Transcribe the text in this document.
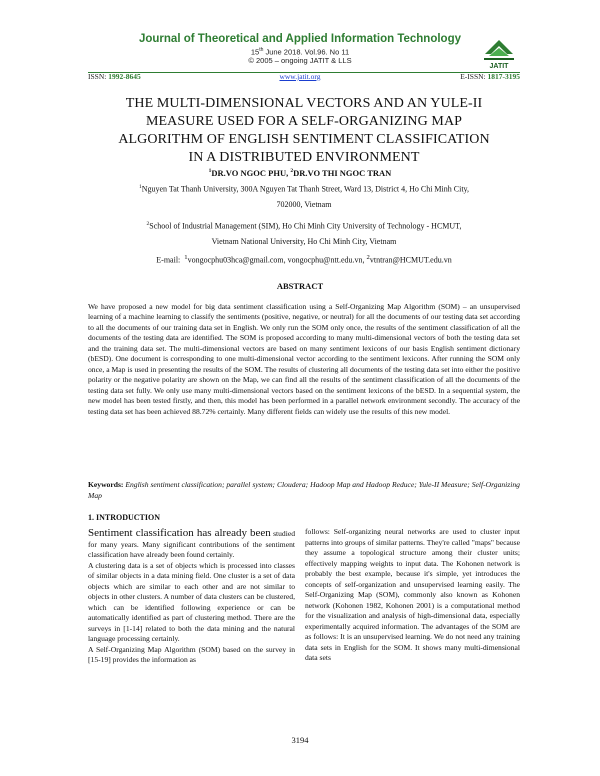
Journal of Theoretical and Applied Information Technology
15th June 2018. Vol.96. No 11
© 2005 – ongoing JATIT & LLS
JATIT
ISSN: 1992-8645	www.jatit.org	E-ISSN: 1817-3195
THE MULTI-DIMENSIONAL VECTORS AND AN YULE-II
MEASURE USED FOR A SELF-ORGANIZING MAP
ALGORITHM OF ENGLISH SENTIMENT CLASSIFICATION
IN A DISTRIBUTED ENVIRONMENT
$^1$DR.VO NGOC PHU, $^2$DR.VO THI NGOC TRAN
$^1$Nguyen Tat Thanh University, 300A Nguyen Tat Thanh Street, Ward 13, District 4, Ho Chi Minh City,
702000, Vietnam
$^2$School of Industrial Management (SIM), Ho Chi Minh City University of Technology - HCMUT,
Vietnam National University, Ho Chi Minh City, Vietnam
E-mail: $^1$vongocphu03hca@gmail.com, vongocphu@ntt.edu.vn, $^2$vtntran@HCMUT.edu.vn
ABSTRACT

We have proposed a new model for big data sentiment classification using a Self-Organizing Map Algorithm (SOM) – an unsupervised learning of a machine learning to classify the sentiments (positive, negative, or neutral) for all the documents of our testing data set according to all the documents of our training data set in English. We only run the SOM only once, the results of the sentiment classification of all the documents of the testing data are identified. The SOM is proposed according to many multi-dimensional vectors of both the testing data set and the training data set. The multi-dimensional vectors are based on many sentiment lexicons of our basis English sentiment dictionary (bESD). One document is corresponding to one multi-dimensional vector according to the sentiment lexicons. After running the SOM only once, a Map is used in presenting the results of the SOM. The results of clustering all documents of the testing data set into either the positive polarity or the negative polarity are shown on the Map, we can find all the results of the sentiment classification of all the documents of the testing data set fully. We only use many multi-dimensional vectors based on the sentiment lexicons of the bESD. In a sequential system, the new model has been tested firstly, and then, this model has been performed in a parallel network environment secondly. The accuracy of the testing data set has been achieved 88.72% certainly. Many different fields can widely use the results of this new model.

Keywords: English sentiment classification; parallel system; Cloudera; Hadoop Map and Hadoop Reduce; Yule-II Measure; Self-Organizing Map
1. INTRODUCTION

Sentiment classification has already been studied for many years. Many significant contributions of the sentiment classification have already been found certainly.

A clustering data is a set of objects which is processed into classes of similar objects in a data mining field. One cluster is a set of data objects which are similar to each other and are not similar to objects in other clusters. A number of data clusters can be clustered, which can be identified following experience or can be automatically identified as part of clustering method. There are the surveys in [1-14] related to both the data mining and the natural language processing certainly.

A Self-Organizing Map Algorithm (SOM) based on the survey in [15-19] provides the information as

follows: Self-organizing neural networks are used to cluster input patterns into groups of similar patterns. They're called "maps" because they assume a topological structure among their cluster units; effectively mapping weights to input data. The Kohonen network is probably the best example, because it's simple, yet introduces the concepts of self-organization and unsupervised learning easily. The Self-Organizing Map (SOM), commonly also known as Kohonen network (Kohonen 1982, Kohonen 2001) is a computational method for the visualization and analysis of high-dimensional data, especially experimentally acquired information. The advantages of the SOM are as follows: It is an unsupervised learning. We do not need any training data sets in English for the SOM. It shows many multi-dimensional data sets

3194
